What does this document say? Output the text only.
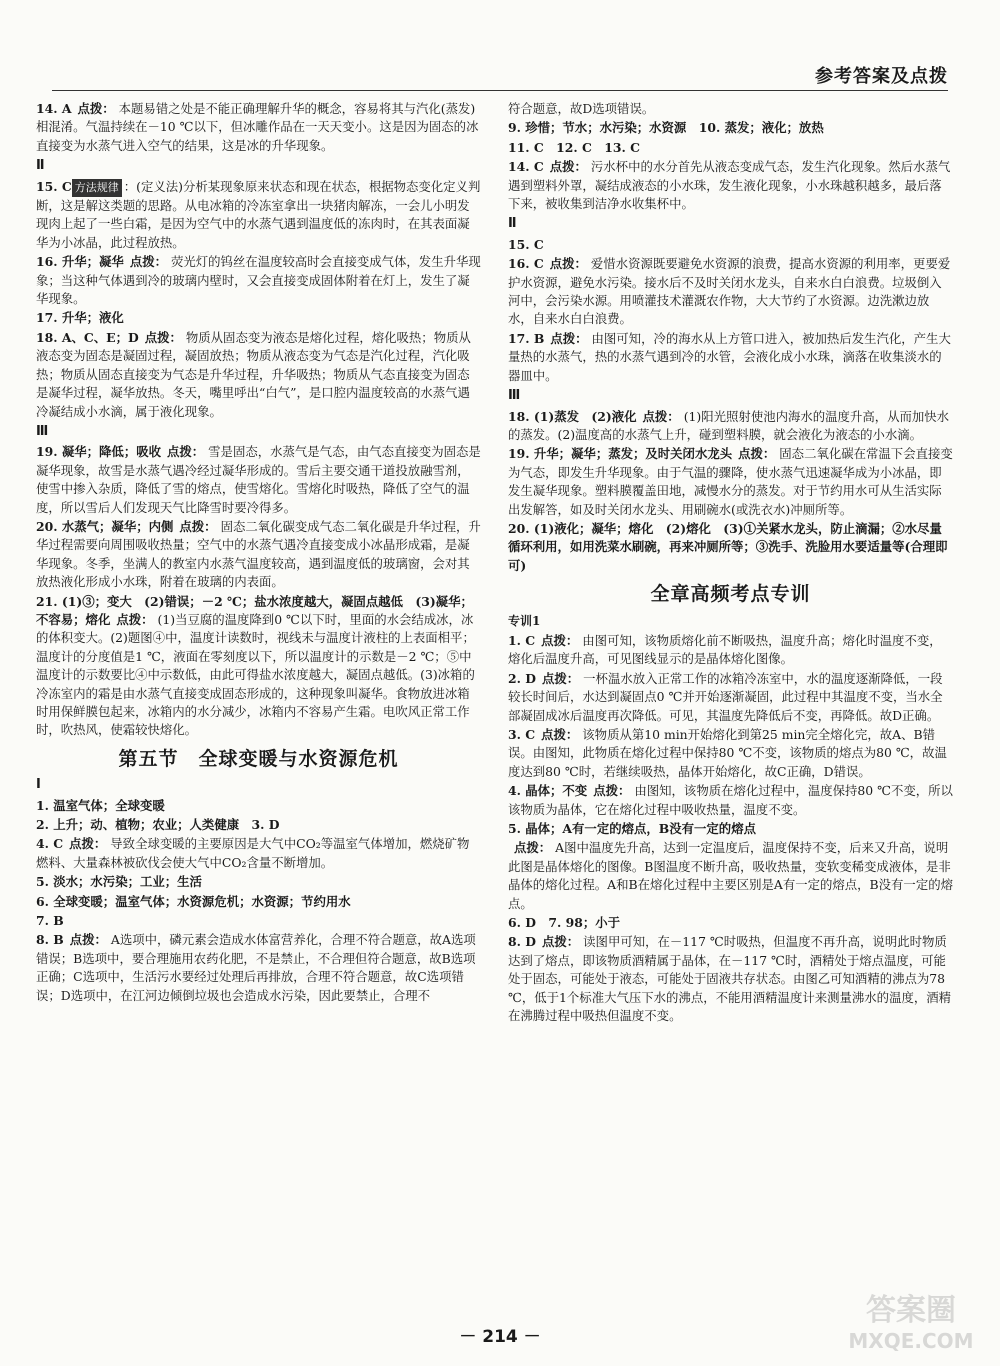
参考答案及点拨
14. A 点拨： 本题易错之处是不能正确理解升华的概念，容易将其与汽化(蒸发)相混淆。气温持续在－10 ℃以下，但冰雕作品在一天天变小。这是因为固态的冰直接变为水蒸气进入空气的结果，这是冰的升华现象。
Ⅱ
15. C 方法规律 ：(定义法)分析某现象原来状态和现在状态，根据物态变化定义判断，这是解这类题的思路。从电冰箱的冷冻室拿出一块猪肉解冻，一会儿小明发现肉上起了一些白霜，是因为空气中的水蒸气遇到温度低的冻肉时，在其表面凝华为小冰晶，此过程放热。
16. 升华；凝华 点拨： 荧光灯的钨丝在温度较高时会直接变成气体，发生升华现象；当这种气体遇到冷的玻璃内壁时，又会直接变成固体附着在灯上，发生了凝华现象。
17. 升华；液化
18. A、C、E；D 点拨： 物质从固态变为液态是熔化过程，熔化吸热；物质从液态变为固态是凝固过程，凝固放热；物质从液态变为气态是汽化过程，汽化吸热；物质从固态直接变为气态是升华过程，升华吸热；物质从气态直接变为固态是凝华过程，凝华放热。冬天，嘴里呼出“白气”，是口腔内温度较高的水蒸气遇冷凝结成小水滴，属于液化现象。
Ⅲ
19. 凝华；降低；吸收 点拨： 雪是固态，水蒸气是气态，由气态直接变为固态是凝华现象，故雪是水蒸气遇冷经过凝华形成的。雪后主要交通干道投放融雪剂，使雪中掺入杂质，降低了雪的熔点，使雪熔化。雪熔化时吸热，降低了空气的温度，所以雪后人们发现天气比降雪时要冷得多。
20. 水蒸气；凝华；内侧 点拨： 固态二氧化碳变成气态二氧化碳是升华过程，升华过程需要向周围吸收热量；空气中的水蒸气遇冷直接变成小冰晶形成霜，是凝华现象。冬季，坐满人的教室内水蒸气温度较高，遇到温度低的玻璃窗，会对其放热液化形成小水珠，附着在玻璃的内表面。
21. (1)③；变大　(2)错误；－2 ℃；盐水浓度越大，凝固点越低　(3)凝华；不容易；熔化 点拨： (1)当豆腐的温度降到0 ℃以下时，里面的水会结成冰，冰的体积变大。(2)题图④中，温度计读数时，视线未与温度计液柱的上表面相平；温度计的分度值是1 ℃，液面在零刻度以下，所以温度计的示数是－2 ℃；⑤中温度计的示数要比④中示数低，由此可得盐水浓度越大，凝固点越低。(3)冰箱的冷冻室内的霜是由水蒸气直接变成固态形成的，这种现象叫凝华。食物放进冰箱时用保鲜膜包起来，冰箱内的水分减少，冰箱内不容易产生霜。电吹风正常工作时，吹热风，使霜较快熔化。
第五节　全球变暖与水资源危机
Ⅰ
1. 温室气体；全球变暖
2. 上升；动、植物；农业；人类健康　3. D
4. C 点拨： 导致全球变暖的主要原因是大气中CO₂等温室气体增加，燃烧矿物燃料、大量森林被砍伐会使大气中CO₂含量不断增加。
5. 淡水；水污染；工业；生活
6. 全球变暖；温室气体；水资源危机；水资源；节约用水
7. B
8. B 点拨： A选项中，磷元素会造成水体富营养化，合理不符合题意，故A选项错误；B选项中，要合理施用农药化肥，不是禁止，不合理但符合题意，故B选项正确；C选项中，生活污水要经过处理后再排放，合理不符合题意，故C选项错误；D选项中，在江河边倾倒垃圾也会造成水污染，因此要禁止，合理不
符合题意，故D选项错误。
9. 珍惜；节水；水污染；水资源　10. 蒸发；液化；放热
11. C　12. C　13. C
14. C 点拨： 污水杯中的水分首先从液态变成气态，发生汽化现象。然后水蒸气遇到塑料外罩，凝结成液态的小水珠，发生液化现象，小水珠越积越多，最后落下来，被收集到洁净水收集杯中。
Ⅱ
15. C
16. C 点拨： 爱惜水资源既要避免水资源的浪费，提高水资源的利用率，更要爱护水资源，避免水污染。接水后不及时关闭水龙头，自来水白白浪费。垃圾倒入河中，会污染水源。用喷灌技术灌溉农作物，大大节约了水资源。边洗漱边放水，自来水白白浪费。
17. B 点拨： 由图可知，冷的海水从上方管口进入，被加热后发生汽化，产生大量热的水蒸气，热的水蒸气遇到冷的水管，会液化成小水珠，滴落在收集淡水的器皿中。
Ⅲ
18. (1)蒸发　(2)液化 点拨： (1)阳光照射使池内海水的温度升高，从而加快水的蒸发。(2)温度高的水蒸气上升，碰到塑料膜，就会液化为液态的小水滴。
19. 升华；凝华；蒸发；及时关闭水龙头 点拨： 固态二氧化碳在常温下会直接变为气态，即发生升华现象。由于气温的骤降，使水蒸气迅速凝华成为小冰晶，即发生凝华现象。塑料膜覆盖田地，减慢水分的蒸发。对于节约用水可从生活实际出发解答，如及时关闭水龙头、用刷碗水(或洗衣水)冲厕所等。
20. (1)液化；凝华；熔化　(2)熔化　(3)①关紧水龙头，防止滴漏；②水尽量循环利用，如用洗菜水刷碗，再来冲厕所等；③洗手、洗脸用水要适量等(合理即可)
全章高频考点专训
专训1
1. C 点拨： 由图可知，该物质熔化前不断吸热，温度升高；熔化时温度不变，熔化后温度升高，可见图线显示的是晶体熔化图像。
2. D 点拨： 一杯温水放入正常工作的冰箱冷冻室中，水的温度逐渐降低，一段较长时间后，水达到凝固点0 ℃并开始逐渐凝固，此过程中其温度不变，当水全部凝固成冰后温度再次降低。可见，其温度先降低后不变，再降低。故D正确。
3. C 点拨： 该物质从第10 min开始熔化到第25 min完全熔化完，故A、B错误。由图知，此物质在熔化过程中保持80 ℃不变，该物质的熔点为80 ℃，故温度达到80 ℃时，若继续吸热，晶体开始熔化，故C正确，D错误。
4. 晶体；不变 点拨： 由图知，该物质在熔化过程中，温度保持80 ℃不变，所以该物质为晶体，它在熔化过程中吸收热量，温度不变。
5. 晶体；A有一定的熔点，B没有一定的熔点
点拨： A图中温度先升高，达到一定温度后，温度保持不变，后来又升高，说明此图是晶体熔化的图像。B图温度不断升高，吸收热量，变软变稀变成液体，是非晶体的熔化过程。A和B在熔化过程中主要区别是A有一定的熔点，B没有一定的熔点。
6. D　7. 98；小于
8. D 点拨： 读图甲可知，在－117 ℃时吸热，但温度不再升高，说明此时物质达到了熔点，即该物质酒精属于晶体，在－117 ℃时，酒精处于熔点温度，可能处于固态，可能处于液态，可能处于固液共存状态。由图乙可知酒精的沸点为78 ℃，低于1个标准大气压下水的沸点，不能用酒精温度计来测量沸水的温度，酒精在沸腾过程中吸热但温度不变。
－ 214 －
答案圈
MXQE.COM
